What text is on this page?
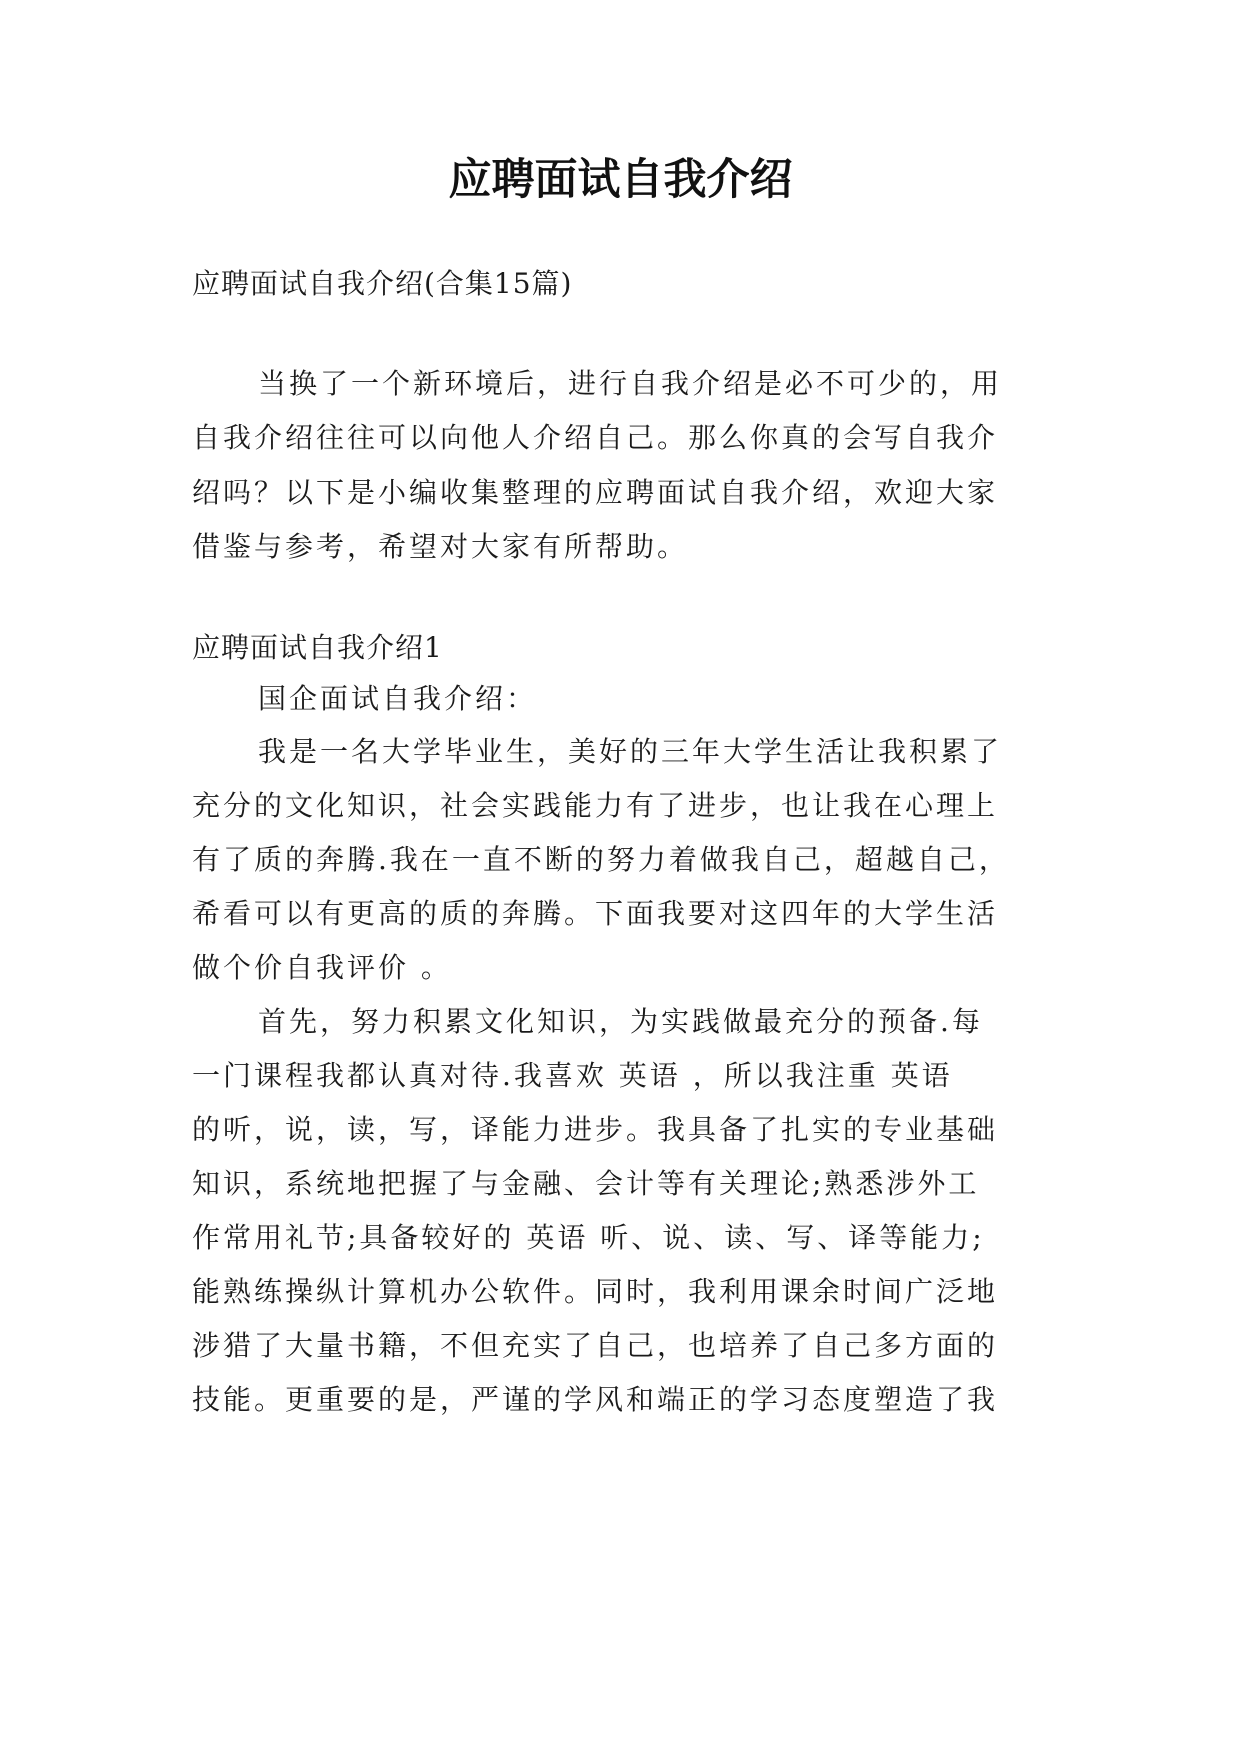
应聘面试自我介绍
应聘面试自我介绍(合集15篇)
当换了一个新环境后，进行自我介绍是必不可少的，用
自我介绍往往可以向他人介绍自己。那么你真的会写自我介
绍吗？以下是小编收集整理的应聘面试自我介绍，欢迎大家
借鉴与参考，希望对大家有所帮助。
应聘面试自我介绍1
国企面试自我介绍：
我是一名大学毕业生，美好的三年大学生活让我积累了
充分的文化知识，社会实践能力有了进步，也让我在心理上
有了质的奔腾.我在一直不断的努力着做我自己，超越自己，
希看可以有更高的质的奔腾。下面我要对这四年的大学生活
做个价自我评价 。
首先，努力积累文化知识，为实践做最充分的预备.每
一门课程我都认真对待.我喜欢 英语 ，所以我注重 英语
的听，说，读，写，译能力进步。我具备了扎实的专业基础
知识，系统地把握了与金融、会计等有关理论;熟悉涉外工
作常用礼节;具备较好的 英语 听、说、读、写、译等能力;
能熟练操纵计算机办公软件。同时，我利用课余时间广泛地
涉猎了大量书籍，不但充实了自己，也培养了自己多方面的
技能。更重要的是，严谨的学风和端正的学习态度塑造了我
